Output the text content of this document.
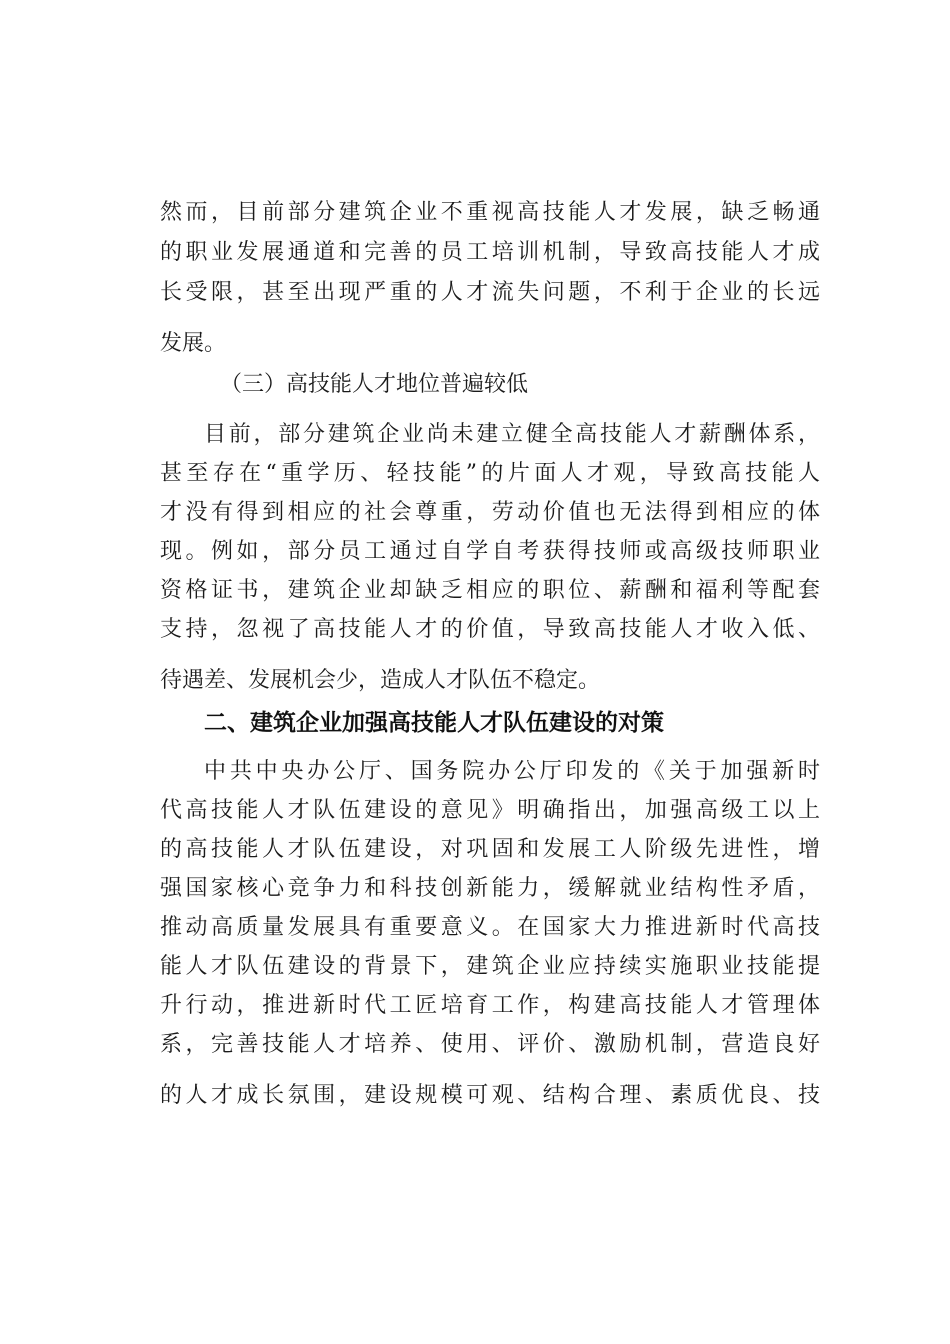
然而，目前部分建筑企业不重视高技能人才发展，缺乏畅通

的职业发展通道和完善的员工培训机制，导致高技能人才成

长受限，甚至出现严重的人才流失问题，不利于企业的长远

发展。

（三）高技能人才地位普遍较低

目前，部分建筑企业尚未建立健全高技能人才薪酬体系，

甚至存在“重学历、轻技能”的片面人才观，导致高技能人

才没有得到相应的社会尊重，劳动价值也无法得到相应的体

现。例如，部分员工通过自学自考获得技师或高级技师职业

资格证书，建筑企业却缺乏相应的职位、薪酬和福利等配套

支持，忽视了高技能人才的价值，导致高技能人才收入低、

待遇差、发展机会少，造成人才队伍不稳定。

二、建筑企业加强高技能人才队伍建设的对策

中共中央办公厅、国务院办公厅印发的《关于加强新时

代高技能人才队伍建设的意见》明确指出，加强高级工以上

的高技能人才队伍建设，对巩固和发展工人阶级先进性，增

强国家核心竞争力和科技创新能力，缓解就业结构性矛盾，

推动高质量发展具有重要意义。在国家大力推进新时代高技

能人才队伍建设的背景下，建筑企业应持续实施职业技能提

升行动，推进新时代工匠培育工作，构建高技能人才管理体

系，完善技能人才培养、使用、评价、激励机制，营造良好

的人才成长氛围，建设规模可观、结构合理、素质优良、技
